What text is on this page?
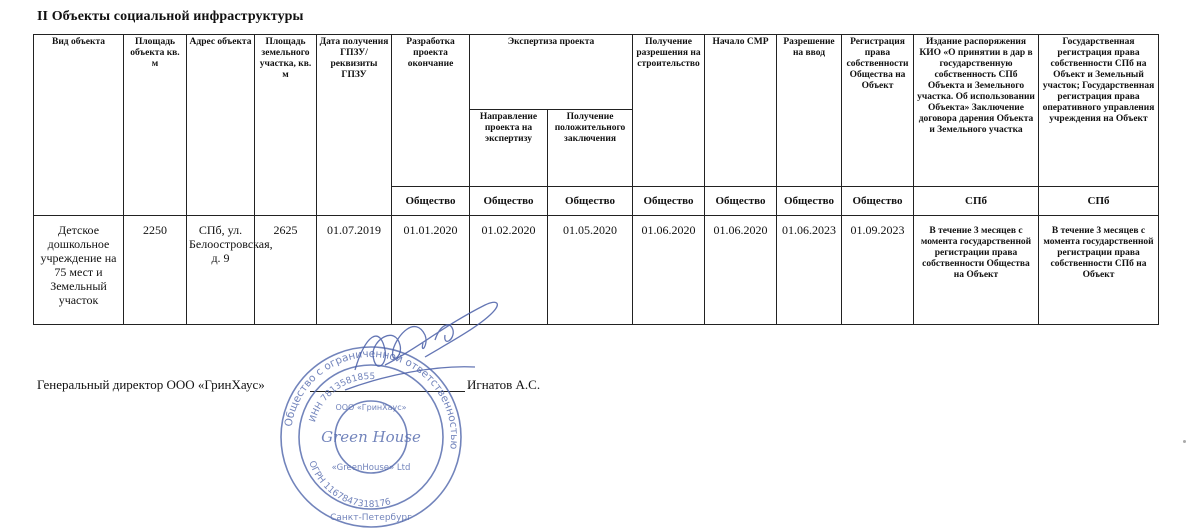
II Объекты социальной инфраструктуры
Вид объекта	Площадь объекта кв. м	Адрес объекта	Площадь земельного участка, кв. м	Дата получения ГПЗУ/ реквизиты ГПЗУ	Разработка проекта окончание	Экспертиза проекта		Получение разрешения на строительство	Начало СМР	Разрешение на ввод	Регистрация права собственности Общества на Объект	Издание распоряжения КИО «О принятии в дар в государственную собственность СПб Объекта и Земельного участка. Об использовании Объекта» Заключение договора дарения Объекта и Земельного участка	Государственная регистрация права собственности СПб на Объект и Земельный участок; Государственная регистрация права оперативного управления учреждения на Объект
						Направление проекта на экспертизу	Получение положительного заключения						
					Общество	Общество	Общество	Общество	Общество	Общество	Общество	СПб	СПб
Детское дошкольное учреждение на 75 мест и Земельный участок	2250	СПб, ул. Белоостровская, д. 9	2625	01.07.2019	01.01.2020	01.02.2020	01.05.2020	01.06.2020	01.06.2020	01.06.2023	01.09.2023	В течение 3 месяцев с момента государственной регистрации права собственности Общества на Объект	В течение 3 месяцев с момента государственной регистрации права собственности СПб на Объект
Генеральный директор ООО «ГринХаус»	Игнатов А.С.
Общество с ограниченной ответственностью
ИНН 7813581855
ООО «ГринХаус»
Green House
«GreenHouse» Ltd
ОГРН 1167847318176
Санкт-Петербург
